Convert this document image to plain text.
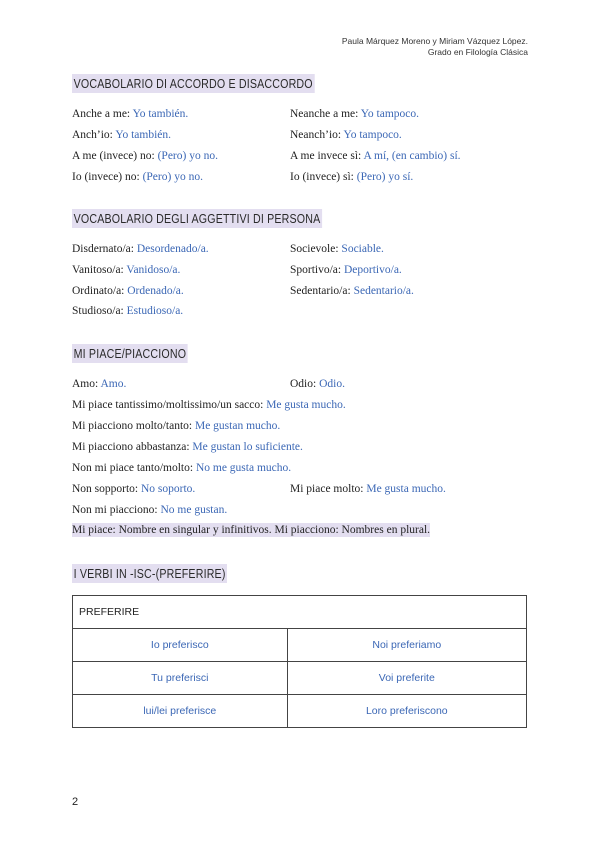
Paula Márquez Moreno y Miriam Vázquez López.
Grado en Filología Clásica
VOCABOLARIO DI ACCORDO E DISACCORDO
Anche a me: Yo también.	Neanche a me: Yo tampoco.
Anch’io: Yo también.	Neanch’io: Yo tampoco.
A me (invece) no: (Pero) yo no.	A me invece sì: A mí, (en cambio) sí.
Io (invece) no: (Pero) yo no.	Io (invece) sì: (Pero) yo sí.
VOCABOLARIO DEGLI AGGETTIVI DI PERSONA
Disdernato/a: Desordenado/a.	Socievole: Sociable.
Vanitoso/a: Vanidoso/a.	Sportivo/a: Deportivo/a.
Ordinato/a: Ordenado/a.	Sedentario/a: Sedentario/a.
Studioso/a: Estudioso/a.
MI PIACE/PIACCIONO
Amo: Amo.	Odio: Odio.
Mi piace tantissimo/moltissimo/un sacco: Me gusta mucho.
Mi piacciono molto/tanto: Me gustan mucho.
Mi piacciono abbastanza: Me gustan lo suficiente.
Non mi piace tanto/molto: No me gusta mucho.
Non sopporto: No soporto.	Mi piace molto: Me gusta mucho.
Non mi piacciono: No me gustan.
Mi piace: Nombre en singular y infinitivos. Mi piacciono: Nombres en plural.
I VERBI IN -ISC-(PREFERIRE)
PREFERIRE	
Io preferisco	Noi preferiamo
Tu preferisci	Voi preferite
lui/lei preferisce	Loro preferiscono
2
